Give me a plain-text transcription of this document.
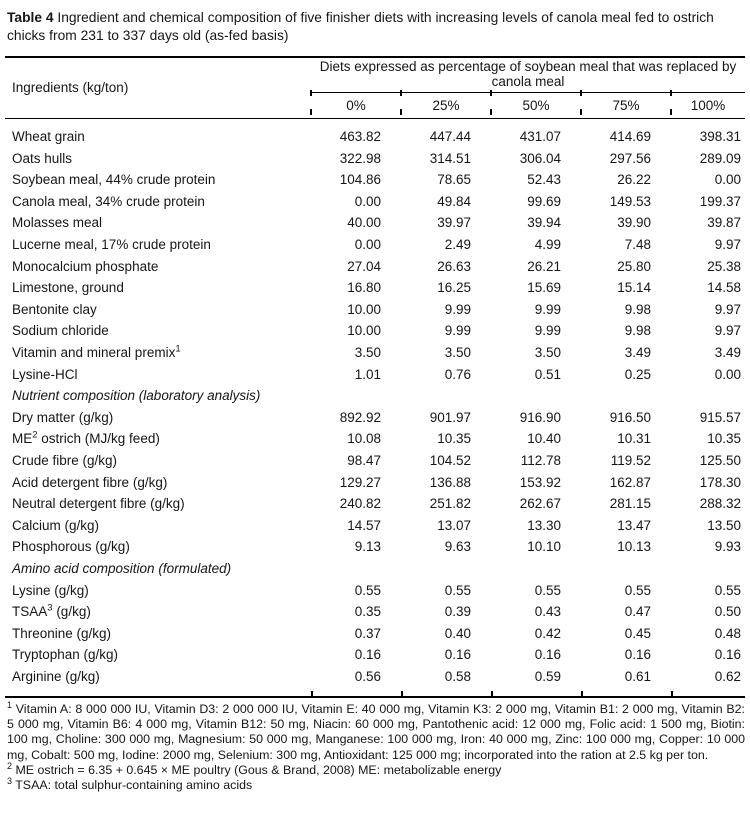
Table 4 Ingredient and chemical composition of five finisher diets with increasing levels of canola meal fed to ostrich chicks from 231 to 337 days old (as-fed basis)

Ingredients (kg/ton)
Diets expressed as percentage of soybean meal that was replaced by canola meal
0%	25%	50%	75%	100%
Wheat grain	463.82	447.44	431.07	414.69	398.31
Oats hulls	322.98	314.51	306.04	297.56	289.09
Soybean meal, 44% crude protein	104.86	78.65	52.43	26.22	0.00
Canola meal, 34% crude protein	0.00	49.84	99.69	149.53	199.37
Molasses meal	40.00	39.97	39.94	39.90	39.87
Lucerne meal, 17% crude protein	0.00	2.49	4.99	7.48	9.97
Monocalcium phosphate	27.04	26.63	26.21	25.80	25.38
Limestone, ground	16.80	16.25	15.69	15.14	14.58
Bentonite clay	10.00	9.99	9.99	9.98	9.97
Sodium chloride	10.00	9.99	9.99	9.98	9.97
Vitamin and mineral premix$^1$	3.50	3.50	3.50	3.49	3.49
Lysine-HCl	1.01	0.76	0.51	0.25	0.00
Nutrient composition (laboratory analysis)
Dry matter (g/kg)	892.92	901.97	916.90	916.50	915.57
$ME^2$ ostrich (MJ/kg feed)	10.08	10.35	10.40	10.31	10.35
Crude fibre (g/kg)	98.47	104.52	112.78	119.52	125.50
Acid detergent fibre (g/kg)	129.27	136.88	153.92	162.87	178.30
Neutral detergent fibre (g/kg)	240.82	251.82	262.67	281.15	288.32
Calcium (g/kg)	14.57	13.07	13.30	13.47	13.50
Phosphorous (g/kg)	9.13	9.63	10.10	10.13	9.93
Amino acid composition (formulated)
Lysine (g/kg)	0.55	0.55	0.55	0.55	0.55
TSAA$^3$ (g/kg)	0.35	0.39	0.43	0.47	0.50
Threonine (g/kg)	0.37	0.40	0.42	0.45	0.48
Tryptophan (g/kg)	0.16	0.16	0.16	0.16	0.16
Arginine (g/kg)	0.56	0.58	0.59	0.61	0.62
$^1$ Vitamin A: 8 000 000 IU, Vitamin D3: 2 000 000 IU, Vitamin E: 40 000 mg, Vitamin K3: 2 000 mg, Vitamin B1: 2 000 mg, Vitamin B2: 5 000 mg, Vitamin B6: 4 000 mg, Vitamin B12: 50 mg, Niacin: 60 000 mg, Pantothenic acid: 12 000 mg, Folic acid: 1 500 mg, Biotin: 100 mg, Choline: 300 000 mg, Magnesium: 50 000 mg, Manganese: 100 000 mg, Iron: 40 000 mg, Zinc: 100 000 mg, Copper: 10 000 mg, Cobalt: 500 mg, Iodine: 2000 mg, Selenium: 300 mg, Antioxidant: 125 000 mg; incorporated into the ration at 2.5 kg per ton.
$^2$ ME ostrich = 6.35 + 0.645 × ME poultry (Gous & Brand, 2008) ME: metabolizable energy
$^3$ TSAA: total sulphur-containing amino acids
